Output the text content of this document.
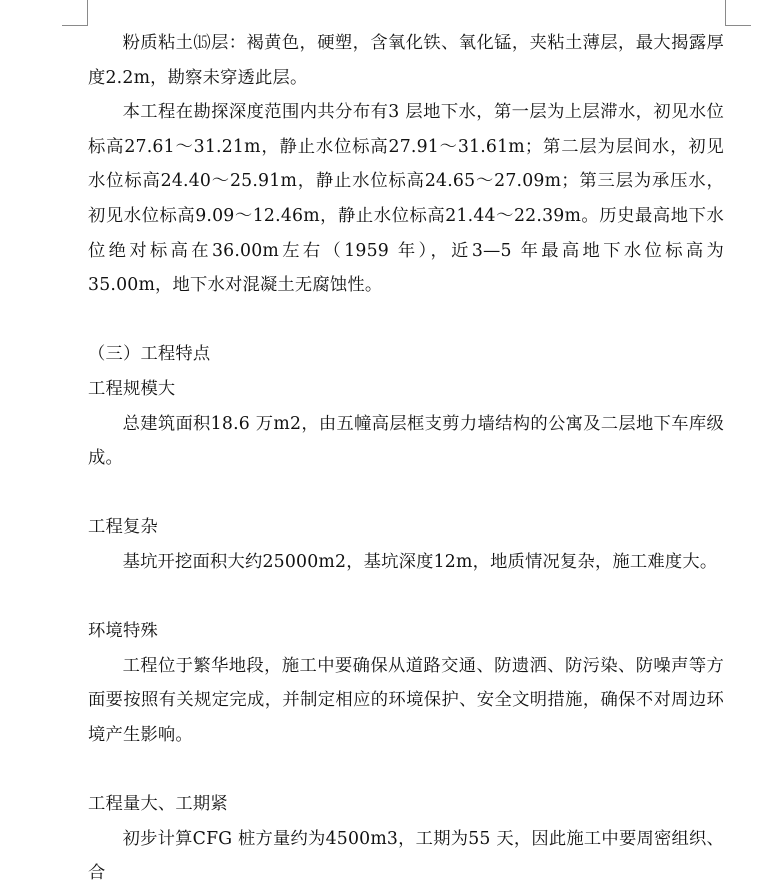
粉质粘土⒂层：褐黄色，硬塑，含氧化铁、氧化锰，夹粘土薄层，最大揭露厚度2.2m，勘察未穿透此层。

本工程在勘探深度范围内共分布有3 层地下水，第一层为上层滞水，初见水位标高27.61～31.21m，静止水位标高27.91～31.61m；第二层为层间水，初见水位标高24.40～25.91m，静止水位标高24.65～27.09m；第三层为承压水，初见水位标高9.09～12.46m，静止水位标高21.44～22.39m。历史最高地下水位绝对标高在36.00m左右（1959 年），近3—5 年最高地下水位标高为35.00m，地下水对混凝土无腐蚀性。

（三）工程特点

工程规模大

总建筑面积18.6 万m2，由五幢高层框支剪力墙结构的公寓及二层地下车库级成。

工程复杂

基坑开挖面积大约25000m2，基坑深度12m，地质情况复杂，施工难度大。

环境特殊

工程位于繁华地段，施工中要确保从道路交通、防遗洒、防污染、防噪声等方面要按照有关规定完成，并制定相应的环境保护、安全文明措施，确保不对周边环境产生影响。

工程量大、工期紧

初步计算CFG 桩方量约为4500m3，工期为55 天，因此施工中要周密组织、合
